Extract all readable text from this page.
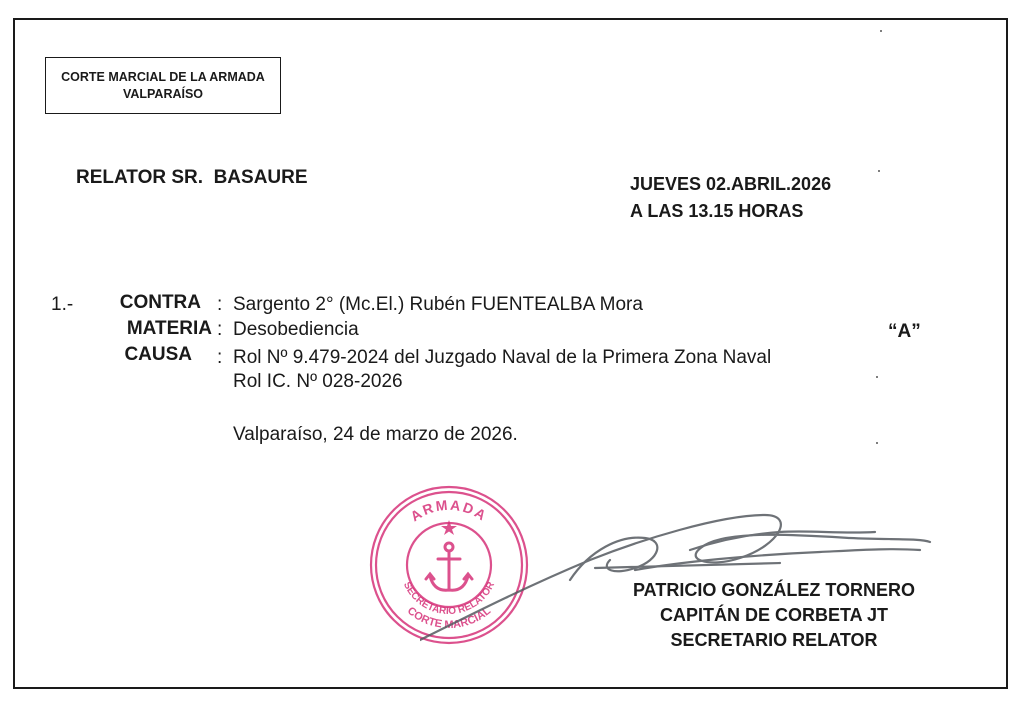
CORTE MARCIAL DE LA ARMADA
VALPARAÍSO
RELATOR SR.  BASAURE	JUEVES 02.ABRIL.2026
A LAS 13.15 HORAS
1.-	CONTRA : Sargento 2° (Mc.El.) Rubén FUENTEALBA Mora
MATERIA : Desobediencia
CAUSA : Rol Nº 9.479-2024 del Juzgado Naval de la Primera Zona Naval
Rol IC. Nº 028-2026
“A”
Valparaíso, 24 de marzo de 2026.
ARMADA
SECRETARIO RELATOR
CORTE MARCIAL
PATRICIO GONZÁLEZ TORNERO
CAPITÁN DE CORBETA JT
SECRETARIO RELATOR
